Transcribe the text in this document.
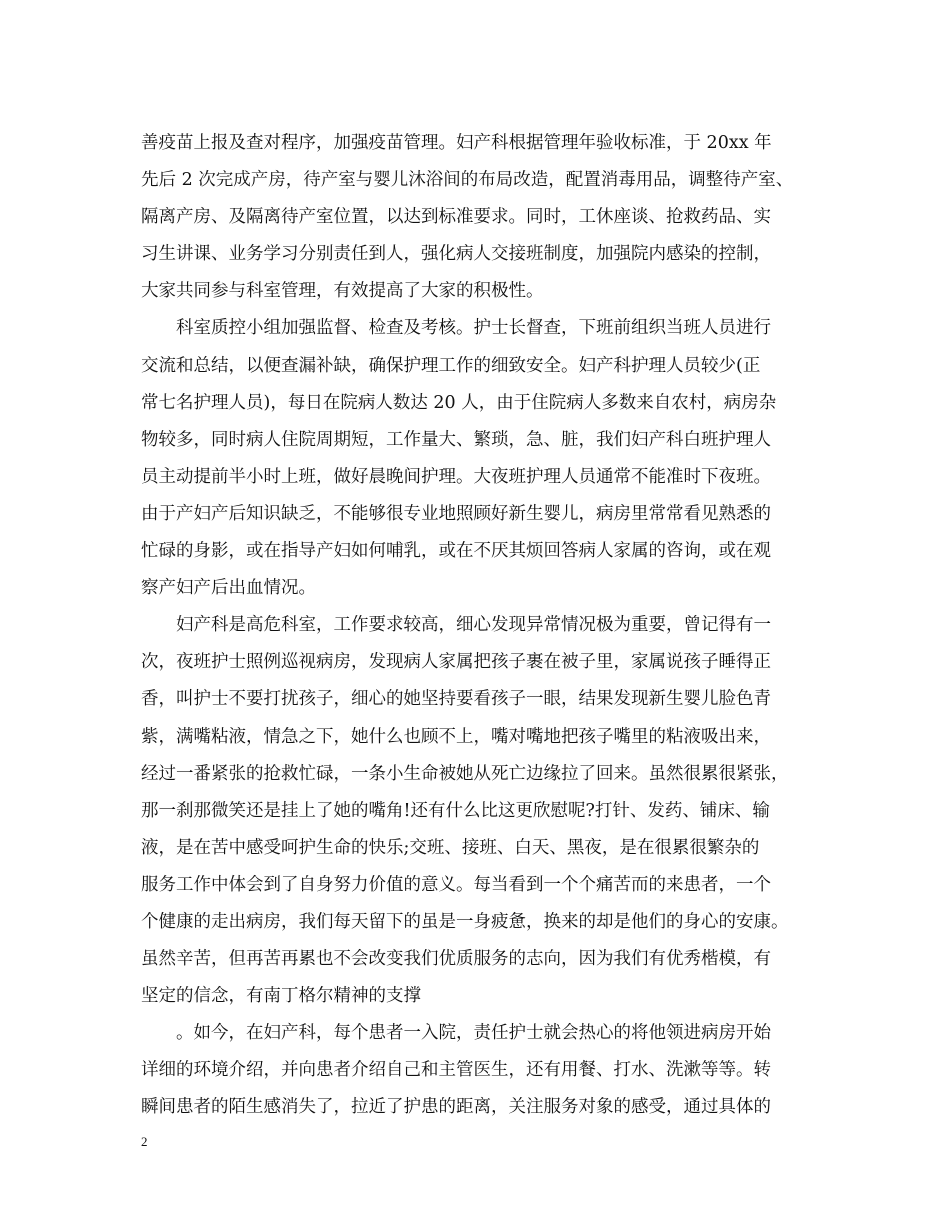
善疫苗上报及查对程序，加强疫苗管理。妇产科根据管理年验收标准，于 20xx 年
先后 2 次完成产房，待产室与婴儿沐浴间的布局改造，配置消毒用品，调整待产室、
隔离产房、及隔离待产室位置，以达到标准要求。同时，工休座谈、抢救药品、实
习生讲课、业务学习分别责任到人，强化病人交接班制度，加强院内感染的控制，
大家共同参与科室管理，有效提高了大家的积极性。
科室质控小组加强监督、检查及考核。护士长督查，下班前组织当班人员进行
交流和总结，以便查漏补缺，确保护理工作的细致安全。妇产科护理人员较少(正
常七名护理人员)，每日在院病人数达 20 人，由于住院病人多数来自农村，病房杂
物较多，同时病人住院周期短，工作量大、繁琐，急、脏，我们妇产科白班护理人
员主动提前半小时上班，做好晨晚间护理。大夜班护理人员通常不能准时下夜班。
由于产妇产后知识缺乏，不能够很专业地照顾好新生婴儿，病房里常常看见熟悉的
忙碌的身影，或在指导产妇如何哺乳，或在不厌其烦回答病人家属的咨询，或在观
察产妇产后出血情况。
妇产科是高危科室，工作要求较高，细心发现异常情况极为重要，曾记得有一
次，夜班护士照例巡视病房，发现病人家属把孩子裹在被子里，家属说孩子睡得正
香，叫护士不要打扰孩子，细心的她坚持要看孩子一眼，结果发现新生婴儿脸色青
紫，满嘴粘液，情急之下，她什么也顾不上，嘴对嘴地把孩子嘴里的粘液吸出来，
经过一番紧张的抢救忙碌，一条小生命被她从死亡边缘拉了回来。虽然很累很紧张，
那一刹那微笑还是挂上了她的嘴角!还有什么比这更欣慰呢?打针、发药、铺床、输
液，是在苦中感受呵护生命的快乐;交班、接班、白天、黑夜，是在很累很繁杂的
服务工作中体会到了自身努力价值的意义。每当看到一个个痛苦而的来患者，一个
个健康的走出病房，我们每天留下的虽是一身疲惫，换来的却是他们的身心的安康。
虽然辛苦，但再苦再累也不会改变我们优质服务的志向，因为我们有优秀楷模，有
坚定的信念，有南丁格尔精神的支撑
。如今，在妇产科，每个患者一入院，责任护士就会热心的将他领进病房开始
详细的环境介绍，并向患者介绍自己和主管医生，还有用餐、打水、洗漱等等。转
瞬间患者的陌生感消失了，拉近了护患的距离，关注服务对象的感受，通过具体的
2
